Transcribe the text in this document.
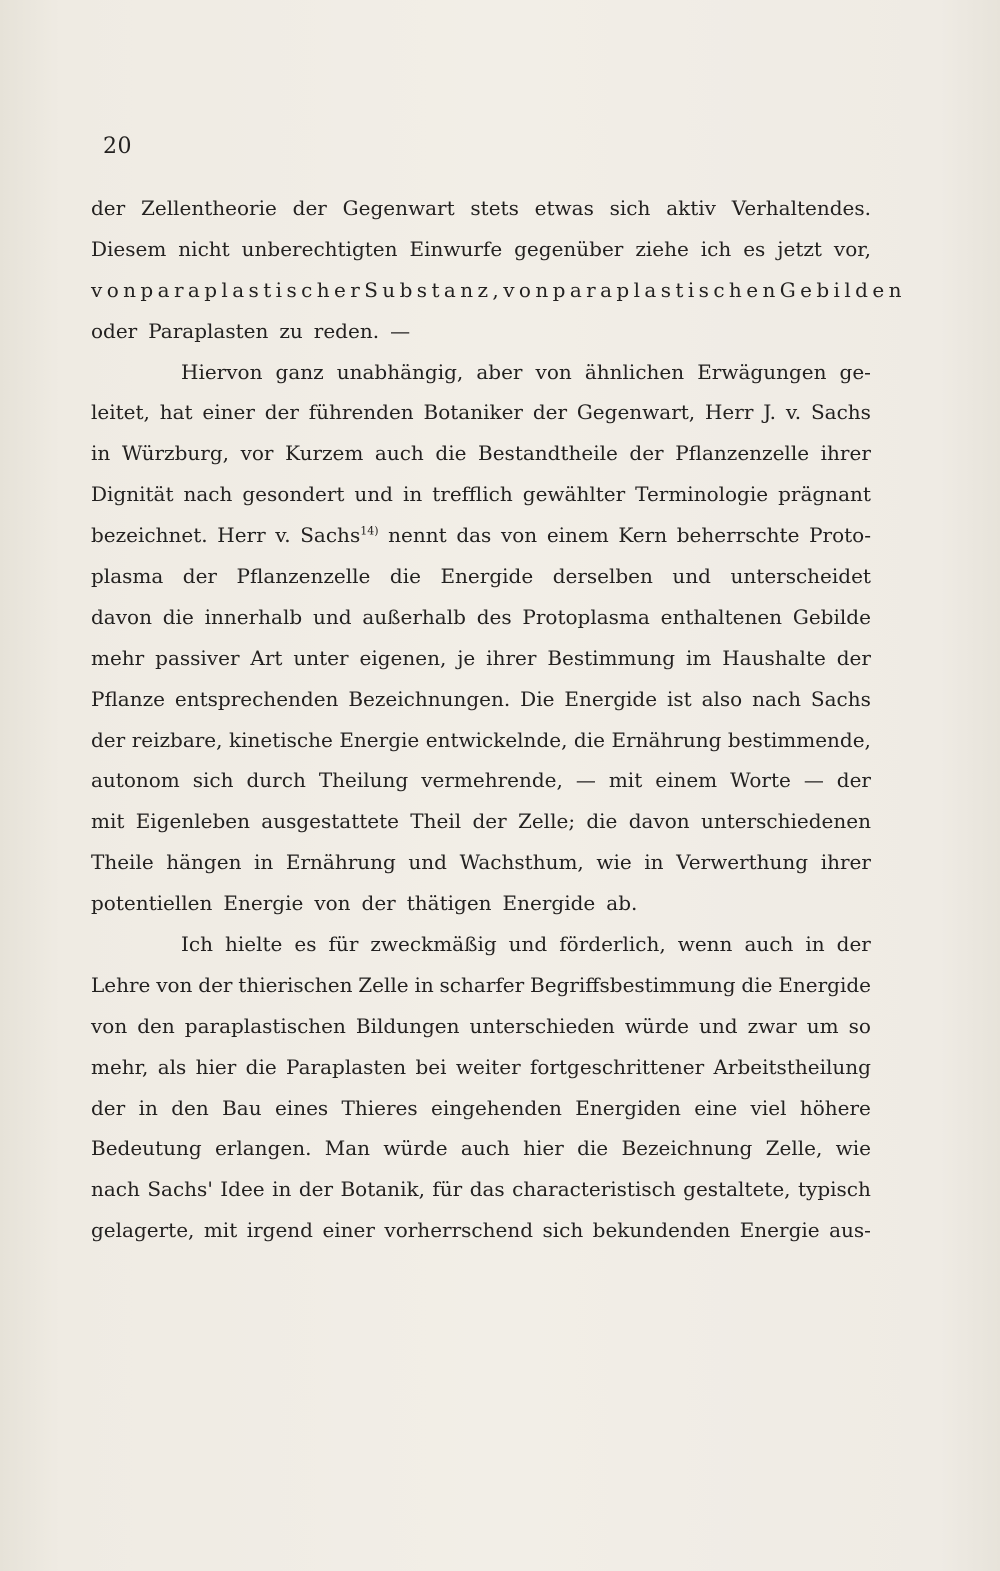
20
der Zellentheorie der Gegenwart stets etwas sich aktiv Verhaltendes.
Diesem nicht unberechtigten Einwurfe gegenüber ziehe ich es jetzt vor,
von paraplastischer Substanz, von paraplastischen Gebilden
oder Paraplasten zu reden. —
Hiervon ganz unabhängig, aber von ähnlichen Erwägungen ge-
leitet, hat einer der führenden Botaniker der Gegenwart, Herr J. v. Sachs
in Würzburg, vor Kurzem auch die Bestandtheile der Pflanzenzelle ihrer
Dignität nach gesondert und in trefflich gewählter Terminologie prägnant
bezeichnet. Herr v. Sachs$^{14)}$ nennt das von einem Kern beherrschte Proto-
plasma der Pflanzenzelle die Energide derselben und unterscheidet
davon die innerhalb und außerhalb des Protoplasma enthaltenen Gebilde
mehr passiver Art unter eigenen, je ihrer Bestimmung im Haushalte der
Pflanze entsprechenden Bezeichnungen. Die Energide ist also nach Sachs
der reizbare, kinetische Energie entwickelnde, die Ernährung bestimmende,
autonom sich durch Theilung vermehrende, — mit einem Worte — der
mit Eigenleben ausgestattete Theil der Zelle; die davon unterschiedenen
Theile hängen in Ernährung und Wachsthum, wie in Verwerthung ihrer
potentiellen Energie von der thätigen Energide ab.
Ich hielte es für zweckmäßig und förderlich, wenn auch in der
Lehre von der thierischen Zelle in scharfer Begriffsbestimmung die Energide
von den paraplastischen Bildungen unterschieden würde und zwar um so
mehr, als hier die Paraplasten bei weiter fortgeschrittener Arbeitstheilung
der in den Bau eines Thieres eingehenden Energiden eine viel höhere
Bedeutung erlangen. Man würde auch hier die Bezeichnung Zelle, wie
nach Sachs' Idee in der Botanik, für das characteristisch gestaltete, typisch
gelagerte, mit irgend einer vorherrschend sich bekundenden Energie aus-
